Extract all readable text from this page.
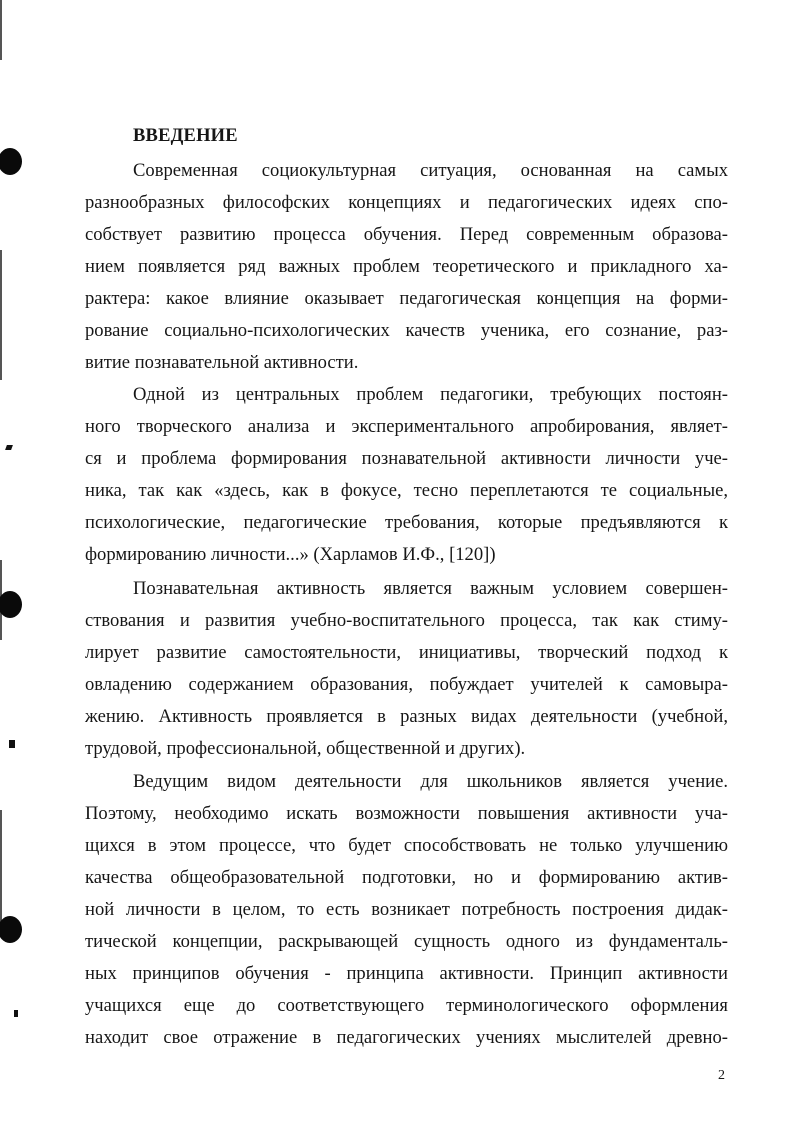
ВВЕДЕНИЕ

Современная социокультурная ситуация, основанная на самых

разнообразных философских концепциях и педагогических идеях спо-

собствует развитию процесса обучения. Перед современным образова-

нием появляется ряд важных проблем теоретического и прикладного ха-

рактера: какое влияние оказывает педагогическая концепция на форми-

рование социально-психологических качеств ученика, его сознание, раз-

витие познавательной активности.

Одной из центральных проблем педагогики, требующих постоян-

ного творческого анализа и экспериментального апробирования, являет-

ся и проблема формирования познавательной активности личности уче-

ника, так как «здесь, как в фокусе, тесно переплетаются те социальные,

психологические, педагогические требования, которые предъявляются к

формированию личности...» (Харламов И.Ф., [120])

Познавательная активность является важным условием совершен-

ствования и развития учебно-воспитательного процесса, так как стиму-

лирует развитие самостоятельности, инициативы, творческий подход к

овладению содержанием образования, побуждает учителей к самовыра-

жению. Активность проявляется в разных видах деятельности (учебной,

трудовой, профессиональной, общественной и других).

Ведущим видом деятельности для школьников является учение.

Поэтому, необходимо искать возможности повышения активности уча-

щихся в этом процессе, что будет способствовать не только улучшению

качества общеобразовательной подготовки, но и формированию актив-

ной личности в целом, то есть возникает потребность построения дидак-

тической концепции, раскрывающей сущность одного из фундаменталь-

ных принципов обучения - принципа активности. Принцип активности

учащихся еще до соответствующего терминологического оформления

находит свое отражение в педагогических учениях мыслителей древно-

2
